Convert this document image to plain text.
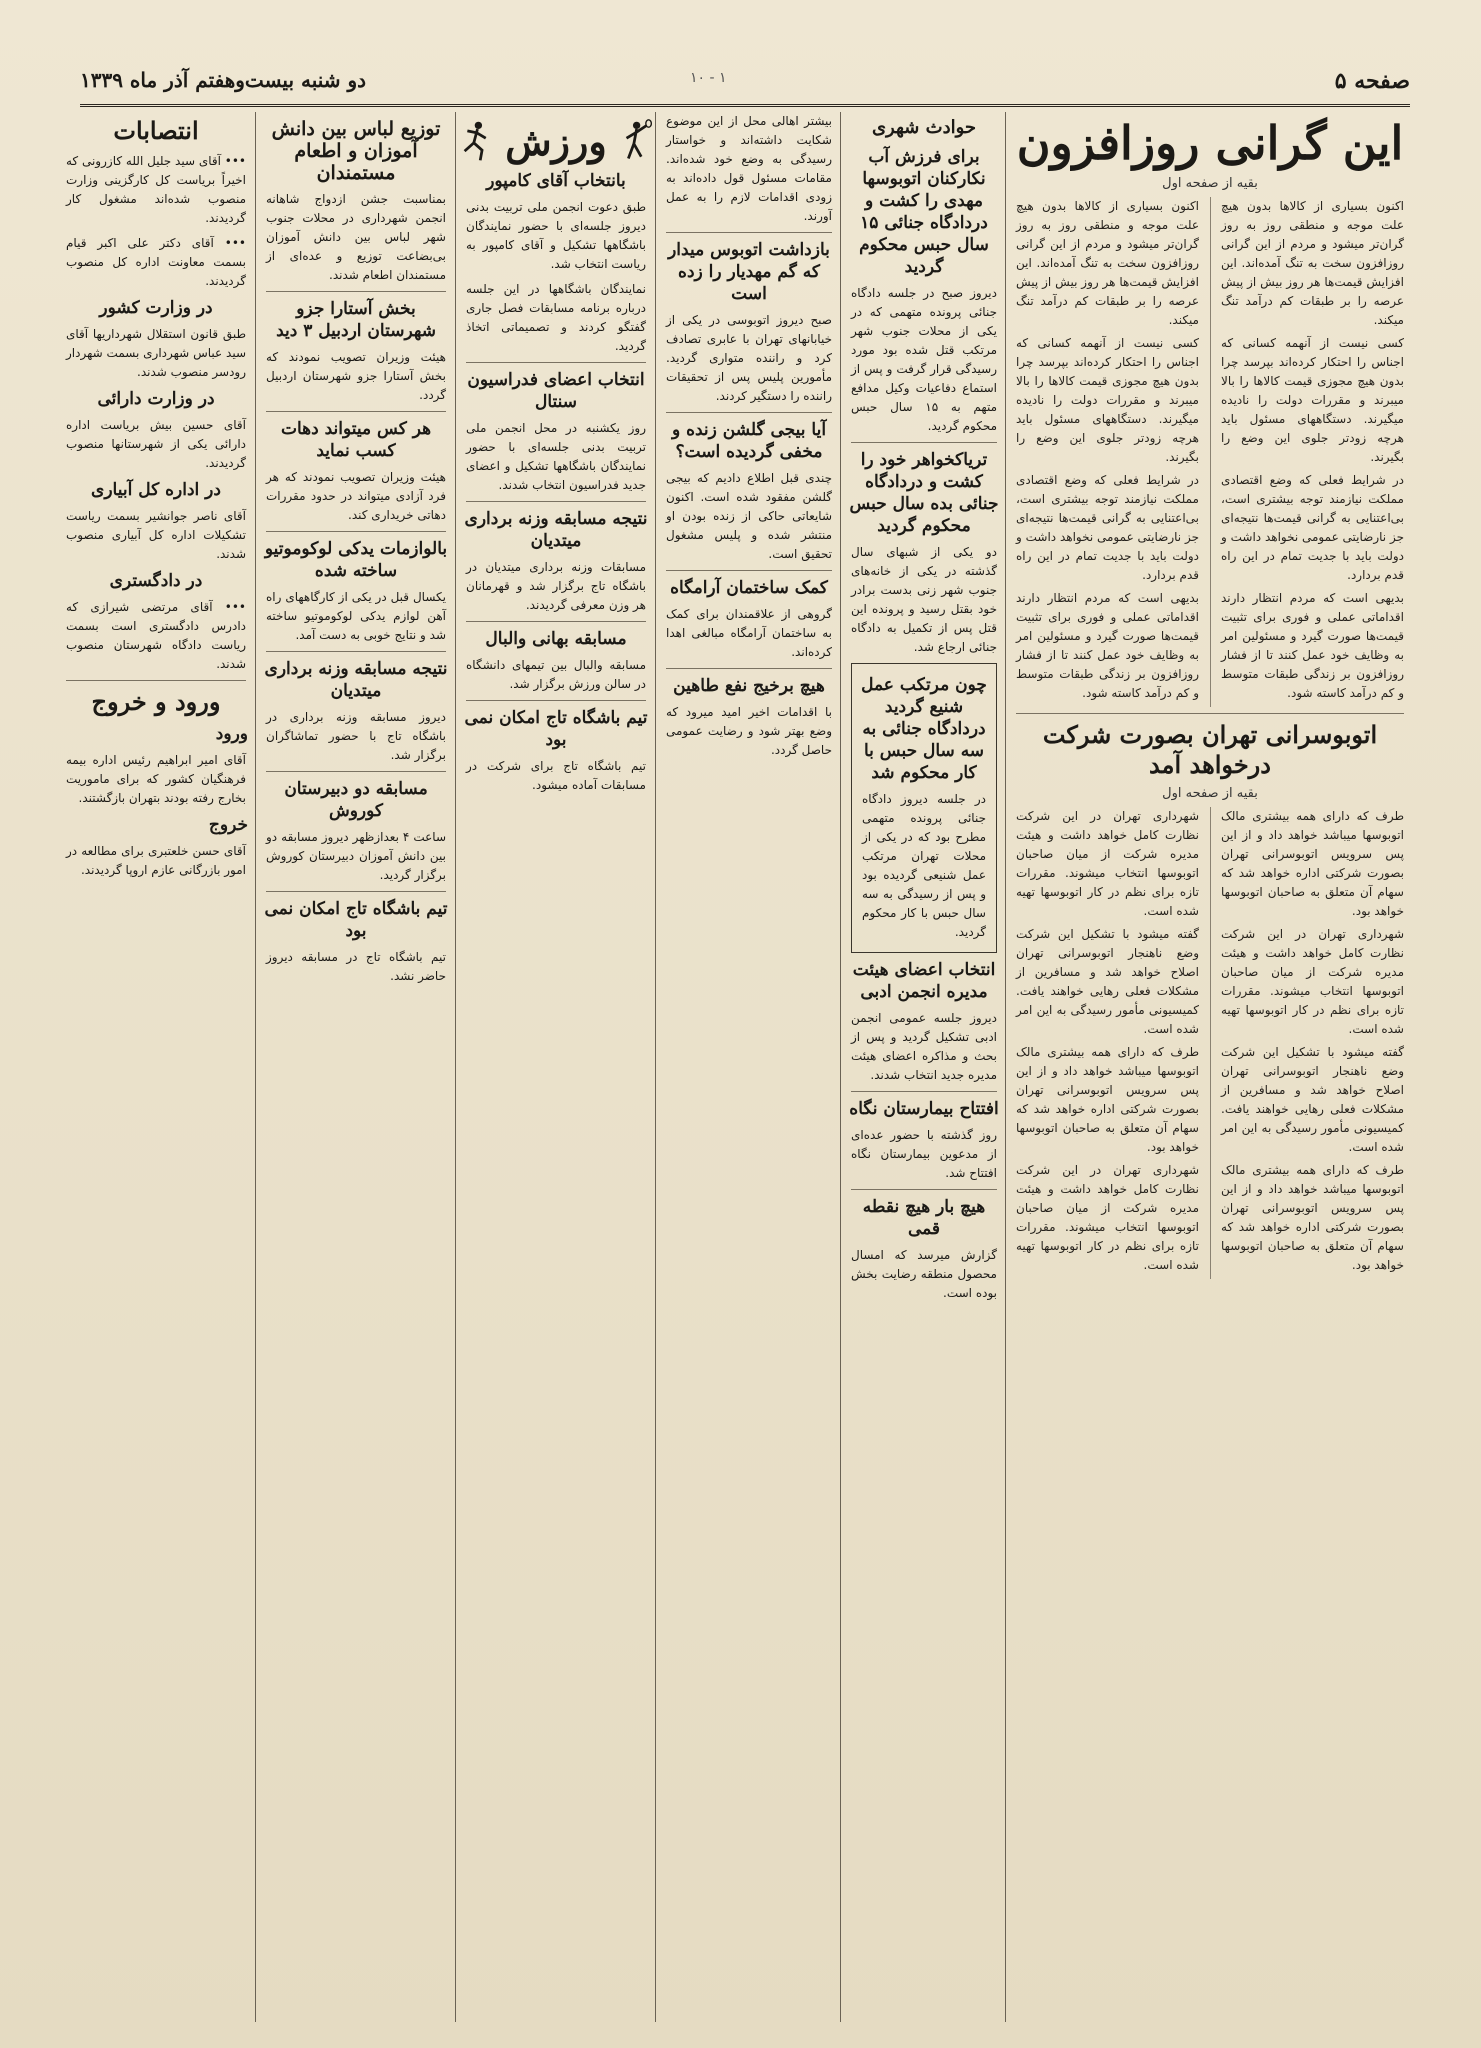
صفحه ۵
۱ - ۱۰
دو شنبه بیست‌وهفتم آذر ماه ۱۳۳۹
این گرانی روزافزون
بقیه از صفحه اول

اکنون بسیاری از کالاها بدون هیچ علت موجه و منطقی روز به روز گران‌تر میشود و مردم از این گرانی روزافزون سخت به تنگ آمده‌اند. این افزایش قیمت‌ها هر روز بیش از پیش عرصه را بر طبقات کم درآمد تنگ میکند.

کسی نیست از آنهمه کسانی که اجناس را احتکار کرده‌اند بپرسد چرا بدون هیچ مجوزی قیمت کالاها را بالا میبرند و مقررات دولت را نادیده میگیرند. دستگاههای مسئول باید هرچه زودتر جلوی این وضع را بگیرند.

در شرایط فعلی که وضع اقتصادی مملکت نیازمند توجه بیشتری است، بی‌اعتنایی به گرانی قیمت‌ها نتیجه‌ای جز نارضایتی عمومی نخواهد داشت و دولت باید با جدیت تمام در این راه قدم بردارد.

بدیهی است که مردم انتظار دارند اقداماتی عملی و فوری برای تثبیت قیمت‌ها صورت گیرد و مسئولین امر به وظایف خود عمل کنند تا از فشار روزافزون بر زندگی طبقات متوسط و کم درآمد کاسته شود.

اکنون بسیاری از کالاها بدون هیچ علت موجه و منطقی روز به روز گران‌تر میشود و مردم از این گرانی روزافزون سخت به تنگ آمده‌اند. این افزایش قیمت‌ها هر روز بیش از پیش عرصه را بر طبقات کم درآمد تنگ میکند.

کسی نیست از آنهمه کسانی که اجناس را احتکار کرده‌اند بپرسد چرا بدون هیچ مجوزی قیمت کالاها را بالا میبرند و مقررات دولت را نادیده میگیرند. دستگاههای مسئول باید هرچه زودتر جلوی این وضع را بگیرند.

در شرایط فعلی که وضع اقتصادی مملکت نیازمند توجه بیشتری است، بی‌اعتنایی به گرانی قیمت‌ها نتیجه‌ای جز نارضایتی عمومی نخواهد داشت و دولت باید با جدیت تمام در این راه قدم بردارد.

بدیهی است که مردم انتظار دارند اقداماتی عملی و فوری برای تثبیت قیمت‌ها صورت گیرد و مسئولین امر به وظایف خود عمل کنند تا از فشار روزافزون بر زندگی طبقات متوسط و کم درآمد کاسته شود.

اتوبوسرانی تهران بصورت شرکت درخواهد آمد
بقیه از صفحه اول

طرف که دارای همه بیشتری مالک اتوبوسها میباشد خواهد داد و از این پس سرویس اتوبوسرانی تهران بصورت شرکتی اداره خواهد شد که سهام آن متعلق به صاحبان اتوبوسها خواهد بود.

شهرداری تهران در این شرکت نظارت کامل خواهد داشت و هیئت مدیره شرکت از میان صاحبان اتوبوسها انتخاب میشوند. مقررات تازه برای نظم در کار اتوبوسها تهیه شده است.

گفته میشود با تشکیل این شرکت وضع ناهنجار اتوبوسرانی تهران اصلاح خواهد شد و مسافرین از مشکلات فعلی رهایی خواهند یافت. کمیسیونی مأمور رسیدگی به این امر شده است.

طرف که دارای همه بیشتری مالک اتوبوسها میباشد خواهد داد و از این پس سرویس اتوبوسرانی تهران بصورت شرکتی اداره خواهد شد که سهام آن متعلق به صاحبان اتوبوسها خواهد بود.

شهرداری تهران در این شرکت نظارت کامل خواهد داشت و هیئت مدیره شرکت از میان صاحبان اتوبوسها انتخاب میشوند. مقررات تازه برای نظم در کار اتوبوسها تهیه شده است.

گفته میشود با تشکیل این شرکت وضع ناهنجار اتوبوسرانی تهران اصلاح خواهد شد و مسافرین از مشکلات فعلی رهایی خواهند یافت. کمیسیونی مأمور رسیدگی به این امر شده است.

طرف که دارای همه بیشتری مالک اتوبوسها میباشد خواهد داد و از این پس سرویس اتوبوسرانی تهران بصورت شرکتی اداره خواهد شد که سهام آن متعلق به صاحبان اتوبوسها خواهد بود.

شهرداری تهران در این شرکت نظارت کامل خواهد داشت و هیئت مدیره شرکت از میان صاحبان اتوبوسها انتخاب میشوند. مقررات تازه برای نظم در کار اتوبوسها تهیه شده است.

حوادث شهری
برای فرزش آب نکارکنان اتوبوسها مهدی را کشت و دردادگاه جنائی ۱۵ سال حبس محکوم گردید

دیروز صبح در جلسه دادگاه جنائی پرونده متهمی که در یکی از محلات جنوب شهر مرتکب قتل شده بود مورد رسیدگی قرار گرفت و پس از استماع دفاعیات وکیل مدافع متهم به ۱۵ سال حبس محکوم گردید.

تریاکخواهر خود را کشت و دردادگاه جنائی بده سال حبس محکوم گردید

دو یکی از شبهای سال گذشته در یکی از خانه‌های جنوب شهر زنی بدست برادر خود بقتل رسید و پرونده این قتل پس از تکمیل به دادگاه جنائی ارجاع شد.

چون مرتکب عمل شنیع گردید دردادگاه جنائی به سه سال حبس با کار محکوم شد

در جلسه دیروز دادگاه جنائی پرونده متهمی مطرح بود که در یکی از محلات تهران مرتکب عمل شنیعی گردیده بود و پس از رسیدگی به سه سال حبس با کار محکوم گردید.

انتخاب اعضای هیئت مدیره انجمن ادبی

دیروز جلسه عمومی انجمن ادبی تشکیل گردید و پس از بحث و مذاکره اعضای هیئت مدیره جدید انتخاب شدند.

افتتاح بیمارستان نگاه

روز گذشته با حضور عده‌ای از مدعوین بیمارستان نگاه افتتاح شد.

هیچ بار هیچ نقطه قمی

گزارش میرسد که امسال محصول منطقه رضایت بخش بوده است.

بیشتر اهالی محل از این موضوع شکایت داشته‌اند و خواستار رسیدگی به وضع خود شده‌اند. مقامات مسئول قول داده‌اند به زودی اقدامات لازم را به عمل آورند.

بازداشت اتوبوس میدار که گم مهدیار را زده است

صبح دیروز اتوبوسی در یکی از خیابانهای تهران با عابری تصادف کرد و راننده متواری گردید. مأمورین پلیس پس از تحقیقات راننده را دستگیر کردند.

آیا بیجی گلشن زنده و مخفی گردیده است؟

چندی قبل اطلاع دادیم که بیجی گلشن مفقود شده است. اکنون شایعاتی حاکی از زنده بودن او منتشر شده و پلیس مشغول تحقیق است.

کمک ساختمان آرامگاه

گروهی از علاقمندان برای کمک به ساختمان آرامگاه مبالغی اهدا کرده‌اند.

هیچ برخیج نفع طاهین

با اقدامات اخیر امید میرود که وضع بهتر شود و رضایت عمومی حاصل گردد.

ورزش
بانتخاب آقای کامپور

طبق دعوت انجمن ملی تربیت بدنی دیروز جلسه‌ای با حضور نمایندگان باشگاهها تشکیل و آقای کامپور به ریاست انتخاب شد.

نمایندگان باشگاهها در این جلسه درباره برنامه مسابقات فصل جاری گفتگو کردند و تصمیماتی اتخاذ گردید.

انتخاب اعضای فدراسیون سنتال

روز یکشنبه در محل انجمن ملی تربیت بدنی جلسه‌ای با حضور نمایندگان باشگاهها تشکیل و اعضای جدید فدراسیون انتخاب شدند.

نتیجه مسابقه وزنه برداری میتدیان

مسابقات وزنه برداری میتدیان در باشگاه تاج برگزار شد و قهرمانان هر وزن معرفی گردیدند.

مسابقه بهانی والبال

مسابقه والبال بین تیمهای دانشگاه در سالن ورزش برگزار شد.

تیم باشگاه تاج امکان نمی بود

تیم باشگاه تاج برای شرکت در مسابقات آماده میشود.

توزیع لباس بین دانش آموزان و اطعام مستمندان

بمناسبت جشن ازدواج شاهانه انجمن شهرداری در محلات جنوب شهر لباس بین دانش آموزان بی‌بضاعت توزیع و عده‌ای از مستمندان اطعام شدند.

بخش آستارا جزو شهرستان اردبیل ۳ دید

هیئت وزیران تصویب نمودند که بخش آستارا جزو شهرستان اردبیل گردد.

هر کس میتواند دهات کسب نماید

هیئت وزیران تصویب نمودند که هر فرد آزادی میتواند در حدود مقررات دهاتی خریداری کند.

بالوازمات یدکی لوکوموتیو ساخته شده

یکسال قبل در یکی از کارگاههای راه آهن لوازم یدکی لوکوموتیو ساخته شد و نتایج خوبی به دست آمد.

نتیجه مسابقه وزنه برداری میتدیان

دیروز مسابقه وزنه برداری در باشگاه تاج با حضور تماشاگران برگزار شد.

مسابقه دو دبیرستان کوروش

ساعت ۴ بعدازظهر دیروز مسابقه دو بین دانش آموزان دبیرستان کوروش برگزار گردید.

تیم باشگاه تاج امکان نمی بود

تیم باشگاه تاج در مسابقه دیروز حاضر نشد.

انتصابات

••• آقای سید جلیل الله کازرونی که اخیراً بریاست کل کارگزینی وزارت منصوب شده‌اند مشغول کار گردیدند.

••• آقای دکتر علی اکبر قیام بسمت معاونت اداره کل منصوب گردیدند.

در وزارت کشور

طبق قانون استقلال شهرداریها آقای سید عباس شهرداری بسمت شهردار رودسر منصوب شدند.

در وزارت دارائی

آقای حسین بیش بریاست اداره دارائی یکی از شهرستانها منصوب گردیدند.

در اداره کل آبیاری

آقای ناصر جوانشیر بسمت ریاست تشکیلات اداره کل آبیاری منصوب شدند.

در دادگستری

••• آقای مرتضی شیرازی که دادرس دادگستری است بسمت ریاست دادگاه شهرستان منصوب شدند.

ورود و خروج
ورود

آقای امیر ابراهیم رئیس اداره بیمه فرهنگیان کشور که برای ماموریت بخارج رفته بودند بتهران بازگشتند.

خروج

آقای حسن خلعتبری برای مطالعه در امور بازرگانی عازم اروپا گردیدند.
